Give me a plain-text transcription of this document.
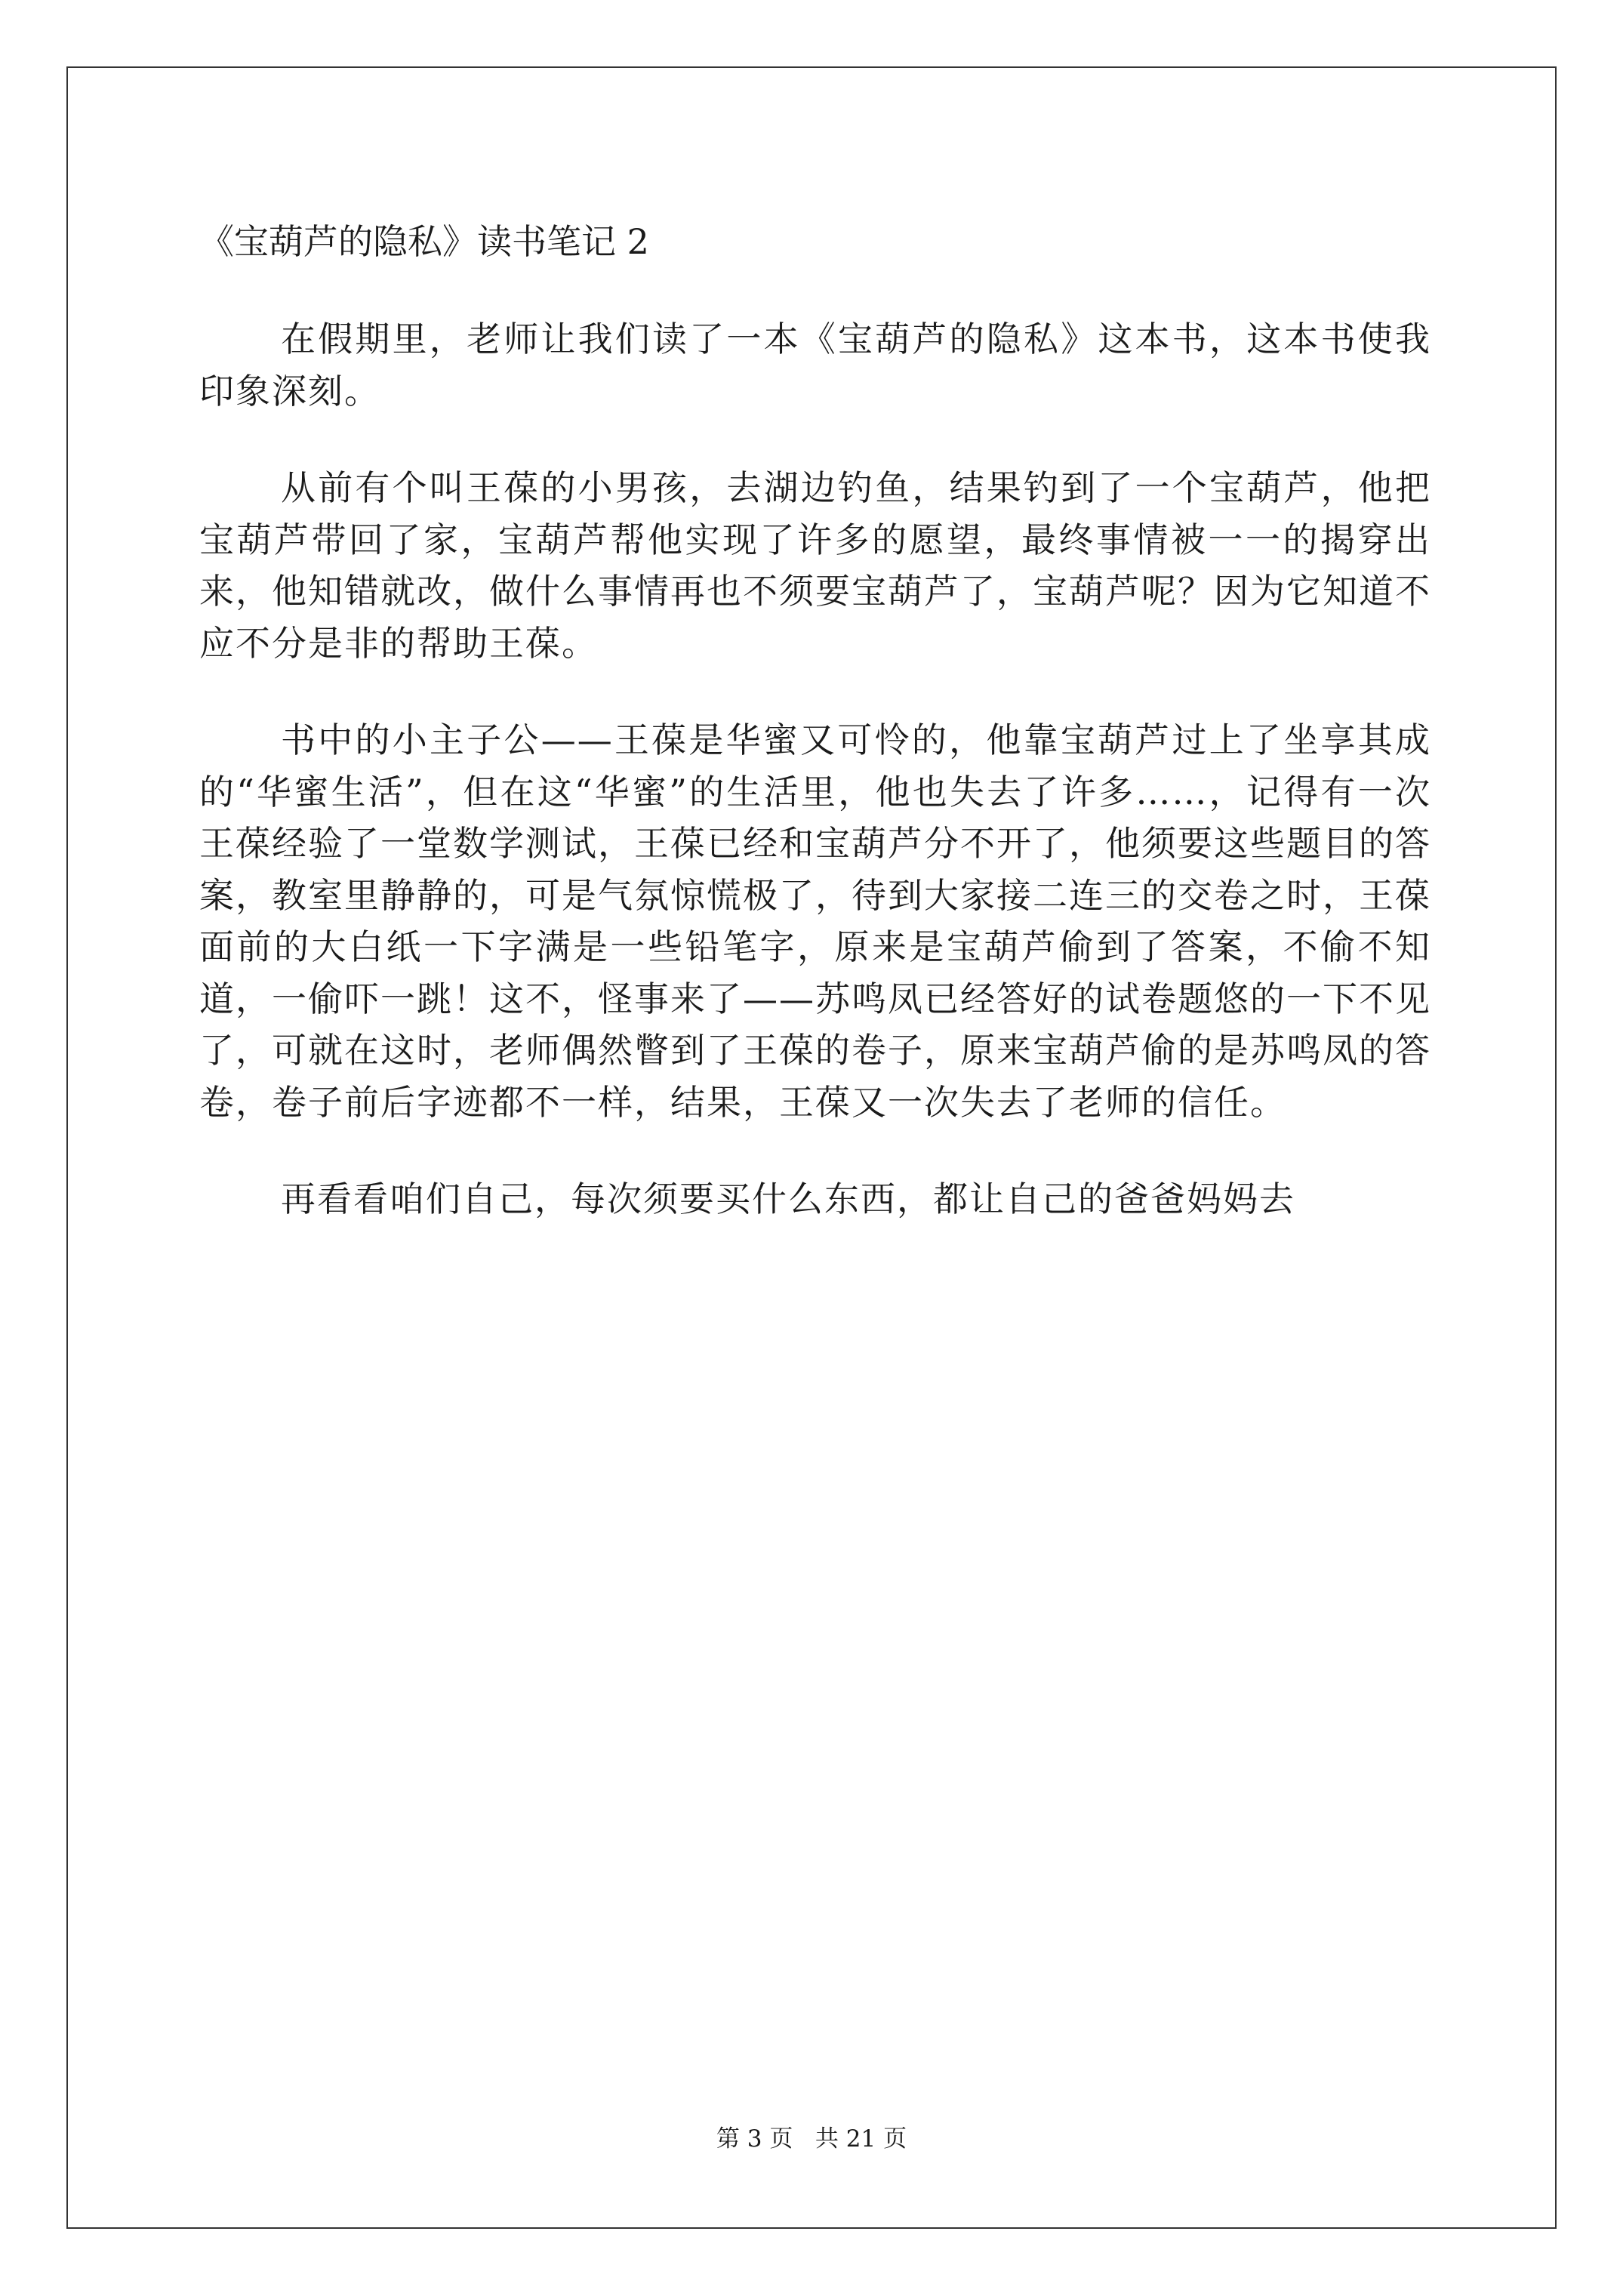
《宝葫芦的隐私》读书笔记 2

在假期里，老师让我们读了一本《宝葫芦的隐私》这本书，这本书使我印象深刻。

从前有个叫王葆的小男孩，去湖边钓鱼，结果钓到了一个宝葫芦，他把宝葫芦带回了家，宝葫芦帮他实现了许多的愿望，最终事情被一一的揭穿出来，他知错就改，做什么事情再也不须要宝葫芦了，宝葫芦呢？因为它知道不应不分是非的帮助王葆。

书中的小主子公——王葆是华蜜又可怜的，他靠宝葫芦过上了坐享其成的“华蜜生活”，但在这“华蜜”的生活里，他也失去了许多……，记得有一次王葆经验了一堂数学测试，王葆已经和宝葫芦分不开了，他须要这些题目的答案，教室里静静的，可是气氛惊慌极了，待到大家接二连三的交卷之时，王葆面前的大白纸一下字满是一些铅笔字，原来是宝葫芦偷到了答案，不偷不知道，一偷吓一跳！这不，怪事来了——苏鸣凤已经答好的试卷题悠的一下不见了，可就在这时，老师偶然瞥到了王葆的卷子，原来宝葫芦偷的是苏鸣凤的答卷，卷子前后字迹都不一样，结果，王葆又一次失去了老师的信任。

再看看咱们自己，每次须要买什么东西，都让自己的爸爸妈妈去

第 3 页   共 21 页
